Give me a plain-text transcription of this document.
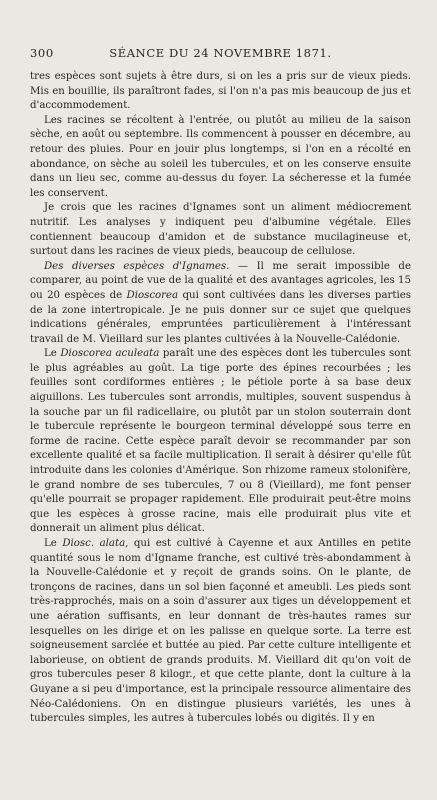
300	SÉANCE DU 24 NOVEMBRE 1871.

tres espèces sont sujets à être durs, si on les a pris sur de vieux pieds. Mis en bouillie, ils paraîtront fades, si l'on n'a pas mis beaucoup de jus et d'accommodement.

Les racines se récoltent à l'entrée, ou plutôt au milieu de la saison sèche, en août ou septembre. Ils commencent à pousser en décembre, au retour des pluies. Pour en jouir plus longtemps, si l'on en a récolté en abondance, on sèche au soleil les tubercules, et on les conserve ensuite dans un lieu sec, comme au-dessus du foyer. La sécheresse et la fumée les conservent.

Je crois que les racines d'Ignames sont un aliment médiocrement nutritif. Les analyses y indiquent peu d'albumine végétale. Elles contiennent beaucoup d'amidon et de substance mucilagineuse et, surtout dans les racines de vieux pieds, beaucoup de cellulose.

Des diverses espèces d'Ignames. — Il me serait impossible de comparer, au point de vue de la qualité et des avantages agricoles, les 15 ou 20 espèces de Dioscorea qui sont cultivées dans les diverses parties de la zone intertropicale. Je ne puis donner sur ce sujet que quelques indications générales, empruntées particulièrement à l'intéressant travail de M. Vieillard sur les plantes cultivées à la Nouvelle-Calédonie.

Le Dioscorea aculeata paraît une des espèces dont les tubercules sont le plus agréables au goût. La tige porte des épines recourbées ; les feuilles sont cordiformes entières ; le pétiole porte à sa base deux aiguillons. Les tubercules sont arrondis, multiples, souvent suspendus à la souche par un fil radicellaire, ou plutôt par un stolon souterrain dont le tubercule représente le bourgeon terminal développé sous terre en forme de racine. Cette espèce paraît devoir se recommander par son excellente qualité et sa facile multiplication. Il serait à désirer qu'elle fût introduite dans les colonies d'Amérique. Son rhizome rameux stolonifère, le grand nombre de ses tubercules, 7 ou 8 (Vieillard), me font penser qu'elle pourrait se propager rapidement. Elle produirait peut-être moins que les espèces à grosse racine, mais elle produirait plus vite et donnerait un aliment plus délicat.

Le Diosc. alata, qui est cultivé à Cayenne et aux Antilles en petite quantité sous le nom d'Igname franche, est cultivé très-abondamment à la Nouvelle-Calédonie et y reçoit de grands soins. On le plante, de tronçons de racines, dans un sol bien façonné et ameubli. Les pieds sont très-rapprochés, mais on a soin d'assurer aux tiges un développement et une aération suffisants, en leur donnant de très-hautes rames sur lesquelles on les dirige et on les palisse en quelque sorte. La terre est soigneusement sarclée et buttée au pied. Par cette culture intelligente et laborieuse, on obtient de grands produits. M. Vieillard dit qu'on voit de gros tubercules peser 8 kilogr., et que cette plante, dont la culture à la Guyane a si peu d'importance, est la principale ressource alimentaire des Néo-Calédoniens. On en distingue plusieurs variétés, les unes à tubercules simples, les autres à tubercules lobés ou digités. Il y en
